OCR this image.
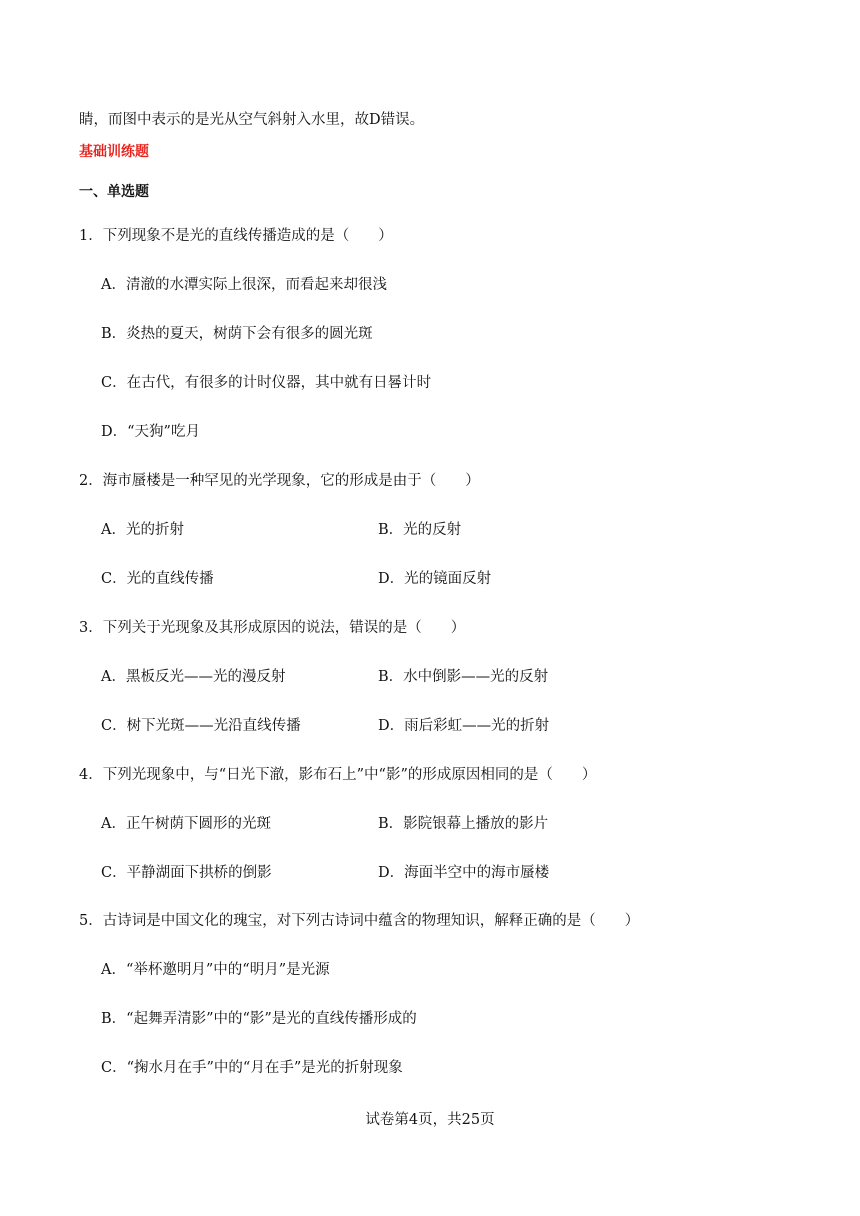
睛，而图中表示的是光从空气斜射入水里，故D错误。
基础训练题
一、单选题
1．下列现象不是光的直线传播造成的是（　　）
A．清澈的水潭实际上很深，而看起来却很浅
B．炎热的夏天，树荫下会有很多的圆光斑
C．在古代，有很多的计时仪器，其中就有日晷计时
D．“天狗”吃月
2．海市蜃楼是一种罕见的光学现象，它的形成是由于（　　）
A．光的折射	B．光的反射
C．光的直线传播	D．光的镜面反射
3．下列关于光现象及其形成原因的说法，错误的是（　　）
A．黑板反光——光的漫反射	B．水中倒影——光的反射
C．树下光斑——光沿直线传播	D．雨后彩虹——光的折射
4．下列光现象中，与“日光下澈，影布石上”中“影”的形成原因相同的是（　　）
A．正午树荫下圆形的光斑	B．影院银幕上播放的影片
C．平静湖面下拱桥的倒影	D．海面半空中的海市蜃楼
5．古诗词是中国文化的瑰宝，对下列古诗词中蕴含的物理知识，解释正确的是（　　）
A．“举杯邀明月”中的“明月”是光源
B．“起舞弄清影”中的“影”是光的直线传播形成的
C．“掬水月在手”中的“月在手”是光的折射现象
试卷第4页，共25页
